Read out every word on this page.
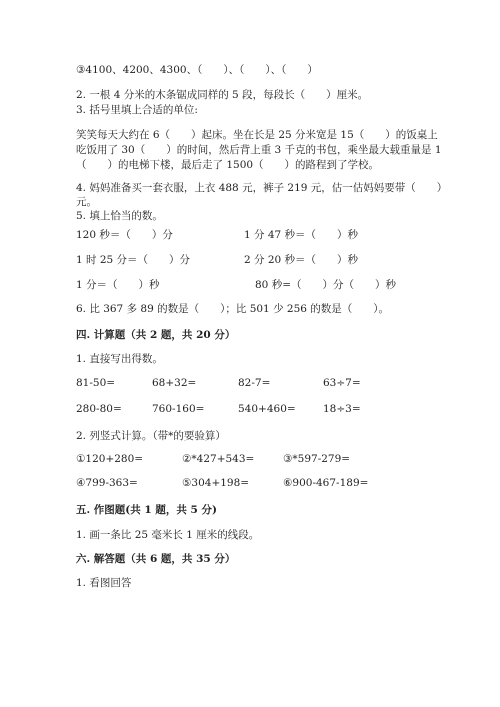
③4100、4200、4300、（　　）、（　　）、（　　）
2. 一根 4 分米的木条锯成同样的 5 段，每段长（　　）厘米。
3. 括号里填上合适的单位:
笑笑每天大约在 6（　　）起床。坐在长是 25 分米宽是 15（　　）的饭桌上
吃饭用了 30（　　）的时间，然后背上重 3 千克的书包，乘坐最大载重量是 1
（　　）的电梯下楼，最后走了 1500（　　）的路程到了学校。
4. 妈妈准备买一套衣服，上衣 488 元，裤子 219 元，估一估妈妈要带（　　）
元。
5. 填上恰当的数。
120 秒＝（　　）分	1 分 47 秒＝（　　）秒
1 时 25 分＝（　　）分	2 分 20 秒＝（　　）秒
1 分＝（　　）秒	80 秒=（　　）分（　　）秒
6. 比 367 多 89 的数是（　　）；比 501 少 256 的数是（　　）。
四. 计算题（共 2 题，共 20 分）
1. 直接写出得数。
81-50=	68+32=	82-7=	63÷7=
280-80=	760-160=	540+460=	18÷3=
2. 列竖式计算。（带*的要验算）
①120+280=	②*427+543=	③*597-279=
④799-363=	⑤304+198=	⑥900-467-189=
五. 作图题(共 1 题，共 5 分)
1. 画一条比 25 毫米长 1 厘米的线段。
六. 解答题（共 6 题，共 35 分）
1. 看图回答
